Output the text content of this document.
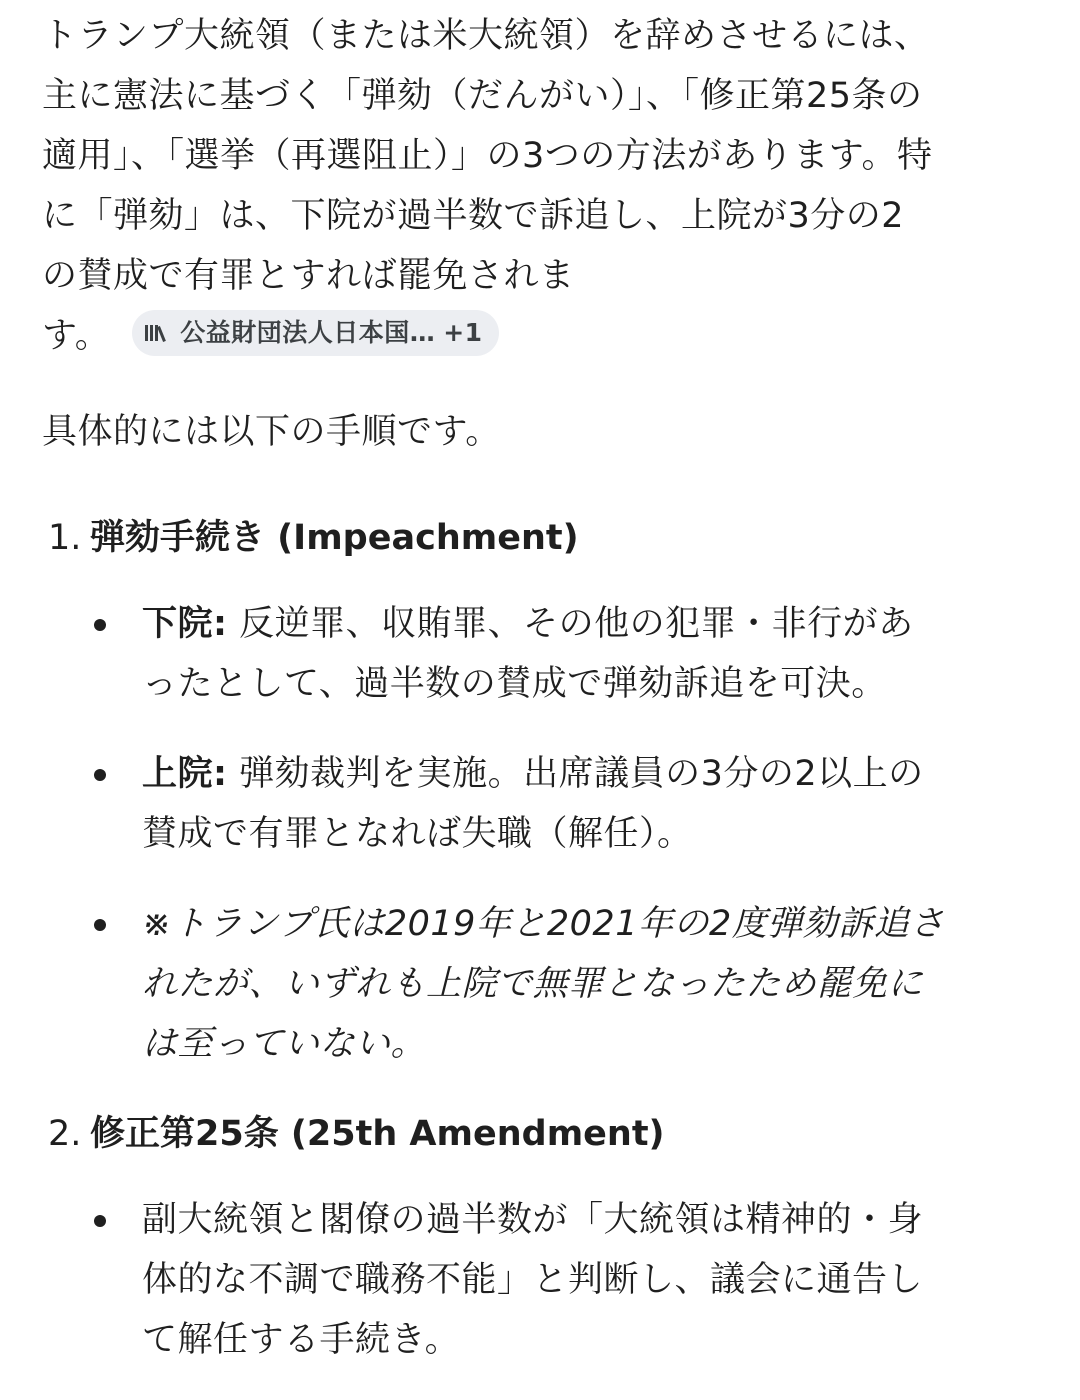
トランプ大統領（または米大統領）を辞めさせるには、
主に憲法に基づく「弾劾（だんがい）」、「修正第25条の
適用」、「選挙（再選阻止）」の3つの方法があります。特
に「弾劾」は、下院が過半数で訴追し、上院が3分の2
の賛成で有罪とすれば罷免されま
す。	公益財団法人日本国… +1

具体的には以下の手順です。

1. 弾劾手続き (Impeachment)
下院: 反逆罪、収賄罪、その他の犯罪・非行があ
ったとして、過半数の賛成で弾劾訴追を可決。
上院: 弾劾裁判を実施。出席議員の3分の2以上の
賛成で有罪となれば失職（解任）。
※トランプ氏は2019年と2021年の2度弾劾訴追さ
れたが、いずれも上院で無罪となったため罷免に
は至っていない。
2. 修正第25条 (25th Amendment)
副大統領と閣僚の過半数が「大統領は精神的・身
体的な不調で職務不能」と判断し、議会に通告し
て解任する手続き。
